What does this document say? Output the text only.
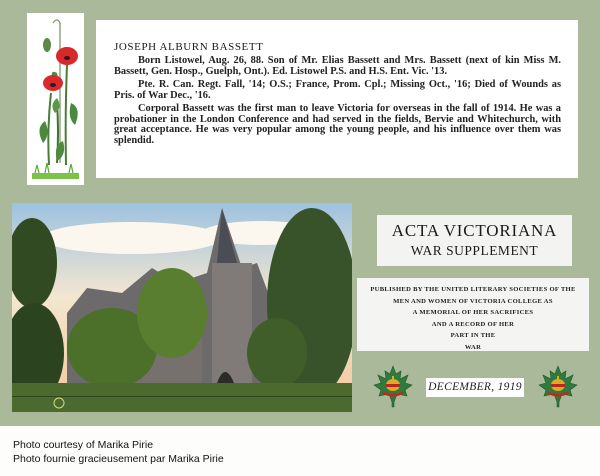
JOSEPH ALBURN BASSETT

Born Listowel, Aug. 26, 88. Son of Mr. Elias Bassett and Mrs. Bassett (next of kin Miss M. Bassett, Gen. Hosp., Guelph, Ont.). Ed. Listowel P.S. and H.S. Ent. Vic. '13.

Pte. R. Can. Regt. Fall, '14; O.S.; France, Prom. Cpl.; Missing Oct., '16; Died of Wounds as Pris. of War Dec., '16.

Corporal Bassett was the first man to leave Victoria for overseas in the fall of 1914. He was a probationer in the London Conference and had served in the fields, Bervie and Whitechurch, with great acceptance. He was very popular among the young people, and his influence over them was splendid.

ACTA VICTORIANA
WAR SUPPLEMENT
PUBLISHED BY THE UNITED LITERARY SOCIETIES OF THE
MEN AND WOMEN OF VICTORIA COLLEGE AS
A MEMORIAL OF HER SACRIFICES
AND A RECORD OF HER
PART IN THE
WAR
DECEMBER, 1919
Photo courtesy of Marika Pirie
Photo fournie gracieusement par Marika Pirie
